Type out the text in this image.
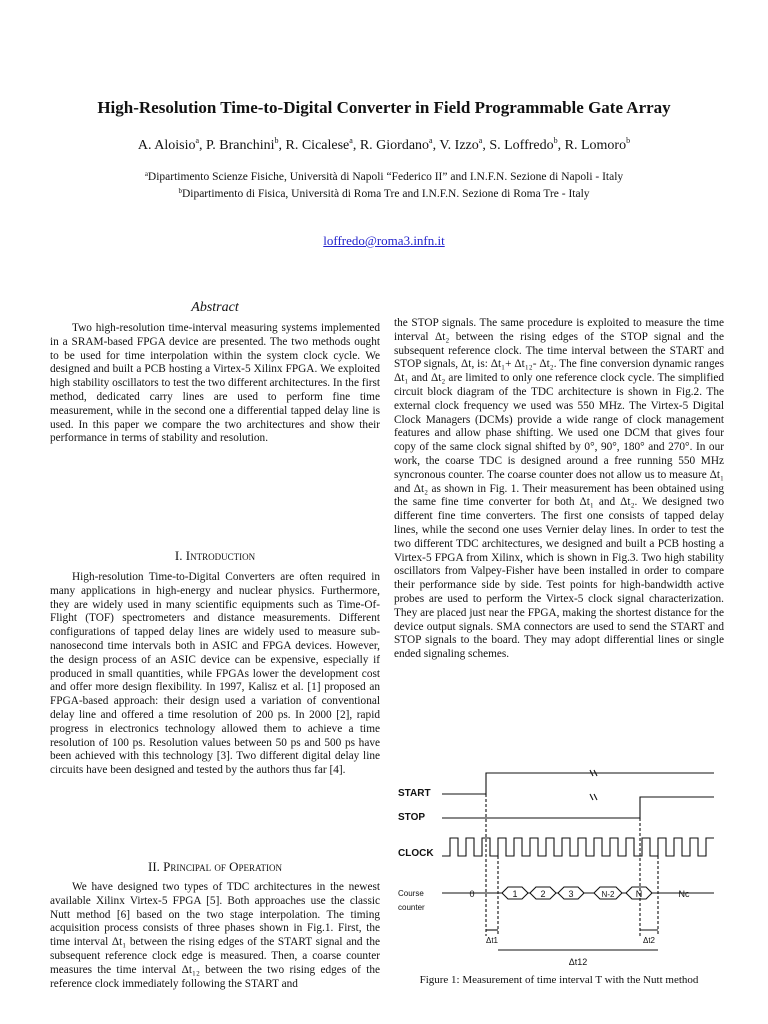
High-Resolution Time-to-Digital Converter in Field Programmable Gate Array
A. Aloisio$^a$, P. Branchini$^b$, R. Cicalese$^a$, R. Giordano$^a$, V. Izzo$^a$, S. Loffredo$^b$, R. Lomoro$^b$
$^a$Dipartimento Scienze Fisiche, Università di Napoli “Federico II” and I.N.F.N. Sezione di Napoli - Italy
$^b$Dipartimento di Fisica, Università di Roma Tre and I.N.F.N. Sezione di Roma Tre - Italy
loffredo@roma3.infn.it
Abstract

Two high-resolution time-interval measuring systems implemented in a SRAM-based FPGA device are presented. The two methods ought to be used for time interpolation within the system clock cycle. We designed and built a PCB hosting a Virtex-5 Xilinx FPGA. We exploited high stability oscillators to test the two different architectures. In the first method, dedicated carry lines are used to perform fine time measurement, while in the second one a differential tapped delay line is used. In this paper we compare the two architectures and show their performance in terms of stability and resolution.

I. Introduction

High-resolution Time-to-Digital Converters are often required in many applications in high-energy and nuclear physics. Furthermore, they are widely used in many scientific equipments such as Time-Of-Flight (TOF) spectrometers and distance measurements. Different configurations of tapped delay lines are widely used to measure sub-nanosecond time intervals both in ASIC and FPGA devices. However, the design process of an ASIC device can be expensive, especially if produced in small quantities, while FPGAs lower the development cost and offer more design flexibility. In 1997, Kalisz et al. [1] proposed an FPGA-based approach: their design used a variation of conventional delay line and offered a time resolution of 200 ps. In 2000 [2], rapid progress in electronics technology allowed them to achieve a time resolution of 100 ps. Resolution values between 50 ps and 500 ps have been achieved with this technology [3]. Two different digital delay line circuits have been designed and tested by the authors thus far [4].

II. Principal of Operation

We have designed two types of TDC architectures in the newest available Xilinx Virtex-5 FPGA [5]. Both approaches use the classic Nutt method [6] based on the two stage interpolation. The timing acquisition process consists of three phases shown in Fig.1. First, the time interval Δt₁ between the rising edges of the START signal and the subsequent reference clock edge is measured. Then, a coarse counter measures the time interval Δt₁₂ between the two rising edges of the reference clock immediately following the START and

the STOP signals. The same procedure is exploited to measure the time interval Δt₂ between the rising edges of the STOP signal and the subsequent reference clock. The time interval between the START and STOP signals, Δt, is: Δt₁+ Δt₁₂- Δt₂. The fine conversion dynamic ranges Δt₁ and Δt₂ are limited to only one reference clock cycle. The simplified circuit block diagram of the TDC architecture is shown in Fig.2. The external clock frequency we used was 550 MHz. The Virtex-5 Digital Clock Managers (DCMs) provide a wide range of clock management features and allow phase shifting. We used one DCM that gives four copy of the same clock signal shifted by 0°, 90°, 180° and 270°. In our work, the coarse TDC is designed around a free running 550 MHz syncronous counter. The coarse counter does not allow us to measure Δt₁ and Δt₂ as shown in Fig. 1. Their measurement has been obtained using the same fine time converter for both Δt₁ and Δt₂. We designed two different fine time converters. The first one consists of tapped delay lines, while the second one uses Vernier delay lines. In order to test the two different TDC architectures, we designed and built a PCB hosting a Virtex-5 FPGA from Xilinx, which is shown in Fig.3. Two high stability oscillators from Valpey-Fisher have been installed in order to compare their performance side by side. Test points for high-bandwidth active probes are used to perform the Virtex-5 clock signal characterization. They are placed just near the FPGA, making the shortest distance for the device output signals. SMA connectors are used to send the START and STOP signals to the board. They may adopt differential lines or single ended signaling schemes.

START
STOP
CLOCK
Course
counter
0	1	2	3	N-2 N	Nc
Δt1	Δt2
Δt12
Figure 1: Measurement of time interval T with the Nutt method
